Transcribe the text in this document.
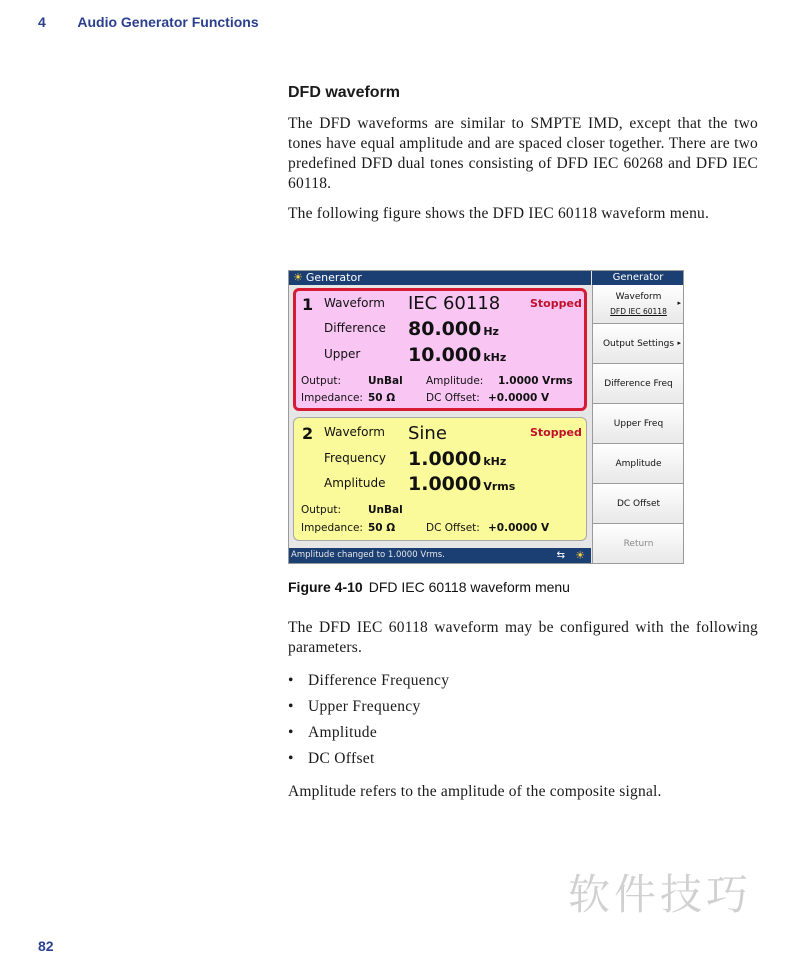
4 Audio Generator Functions
DFD waveform

The DFD waveforms are similar to SMPTE IMD, except that the two tones have equal amplitude and are spaced closer together. There are two predefined DFD dual tones consisting of DFD IEC 60268 and DFD IEC 60118.

The following figure shows the DFD IEC 60118 waveform menu.

☀ Generator
1 Waveform IEC 60118	Stopped
Difference 80.000 Hz
Upper	10.000 kHz
Output:	UnBal Amplitude: 1.0000 Vrms
Impedance: 50 Ω	DC Offset: +0.0000 V
2 Waveform Sine	Stopped
Frequency 1.0000 kHz
Amplitude 1.0000 Vrms
Output:	UnBal
Impedance: 50 Ω	DC Offset: +0.0000 V
Amplitude changed to 1.0000 Vrms.	⇆ ☀
Generator
Waveform
DFD IEC 60118
▸
Output Settings ▸
Difference Freq
Upper Freq
Amplitude
DC Offset
Return
Figure 4-10 DFD IEC 60118 waveform menu

The DFD IEC 60118 waveform may be configured with the following parameters.

• Difference Frequency
• Upper Frequency
• Amplitude
• DC Offset

Amplitude refers to the amplitude of the composite signal.

82
软件技巧
